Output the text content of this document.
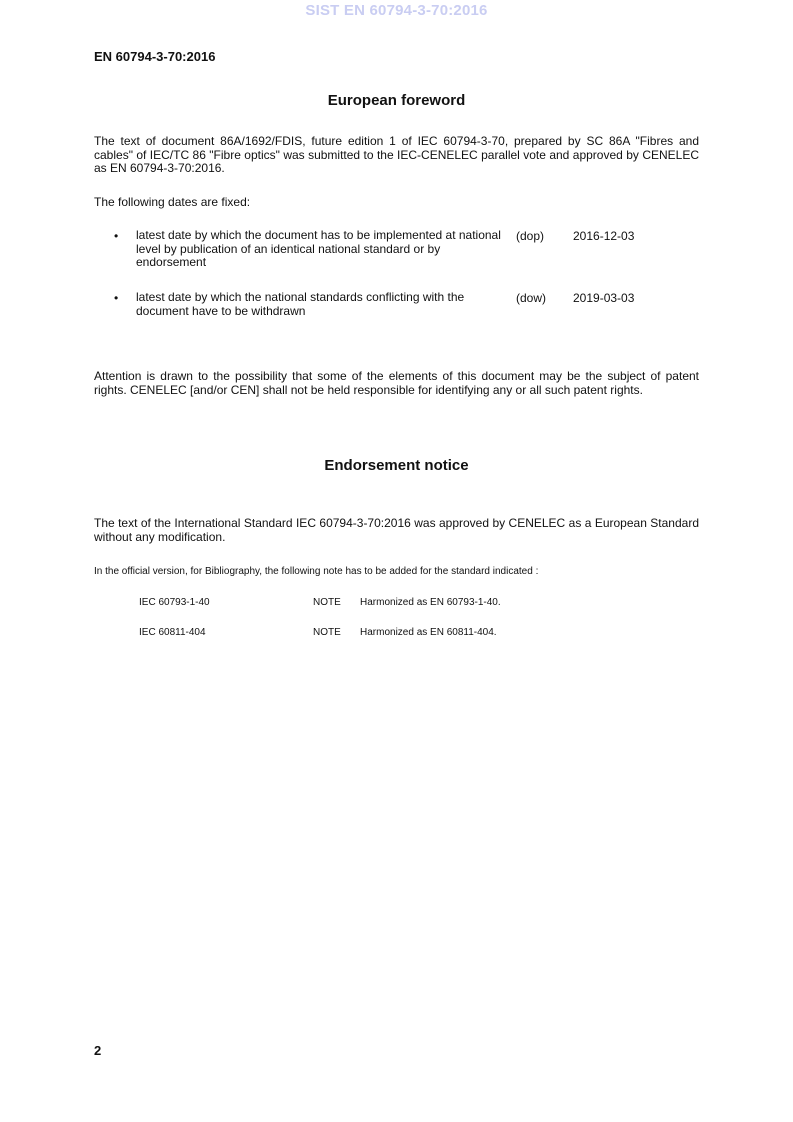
SIST EN 60794-3-70:2016
EN 60794-3-70:2016
European foreword
The text of document 86A/1692/FDIS, future edition 1 of IEC 60794-3-70, prepared by SC 86A "Fibres and cables" of IEC/TC 86 "Fibre optics" was submitted to the IEC-CENELEC parallel vote and approved by CENELEC as EN 60794-3-70:2016.
The following dates are fixed:
• latest date by which the document has to be implemented at national level by publication of an identical national standard or by endorsement
(dop) 2016-12-03
• latest date by which the national standards conflicting with the document have to be withdrawn
(dow) 2019-03-03
Attention is drawn to the possibility that some of the elements of this document may be the subject of patent rights. CENELEC [and/or CEN] shall not be held responsible for identifying any or all such patent rights.
Endorsement notice
The text of the International Standard IEC 60794-3-70:2016 was approved by CENELEC as a European Standard without any modification.
In the official version, for Bibliography, the following note has to be added for the standard indicated :
IEC 60793-1-40	NOTE Harmonized as EN 60793-1-40.
IEC 60811-404	NOTE Harmonized as EN 60811-404.
2
